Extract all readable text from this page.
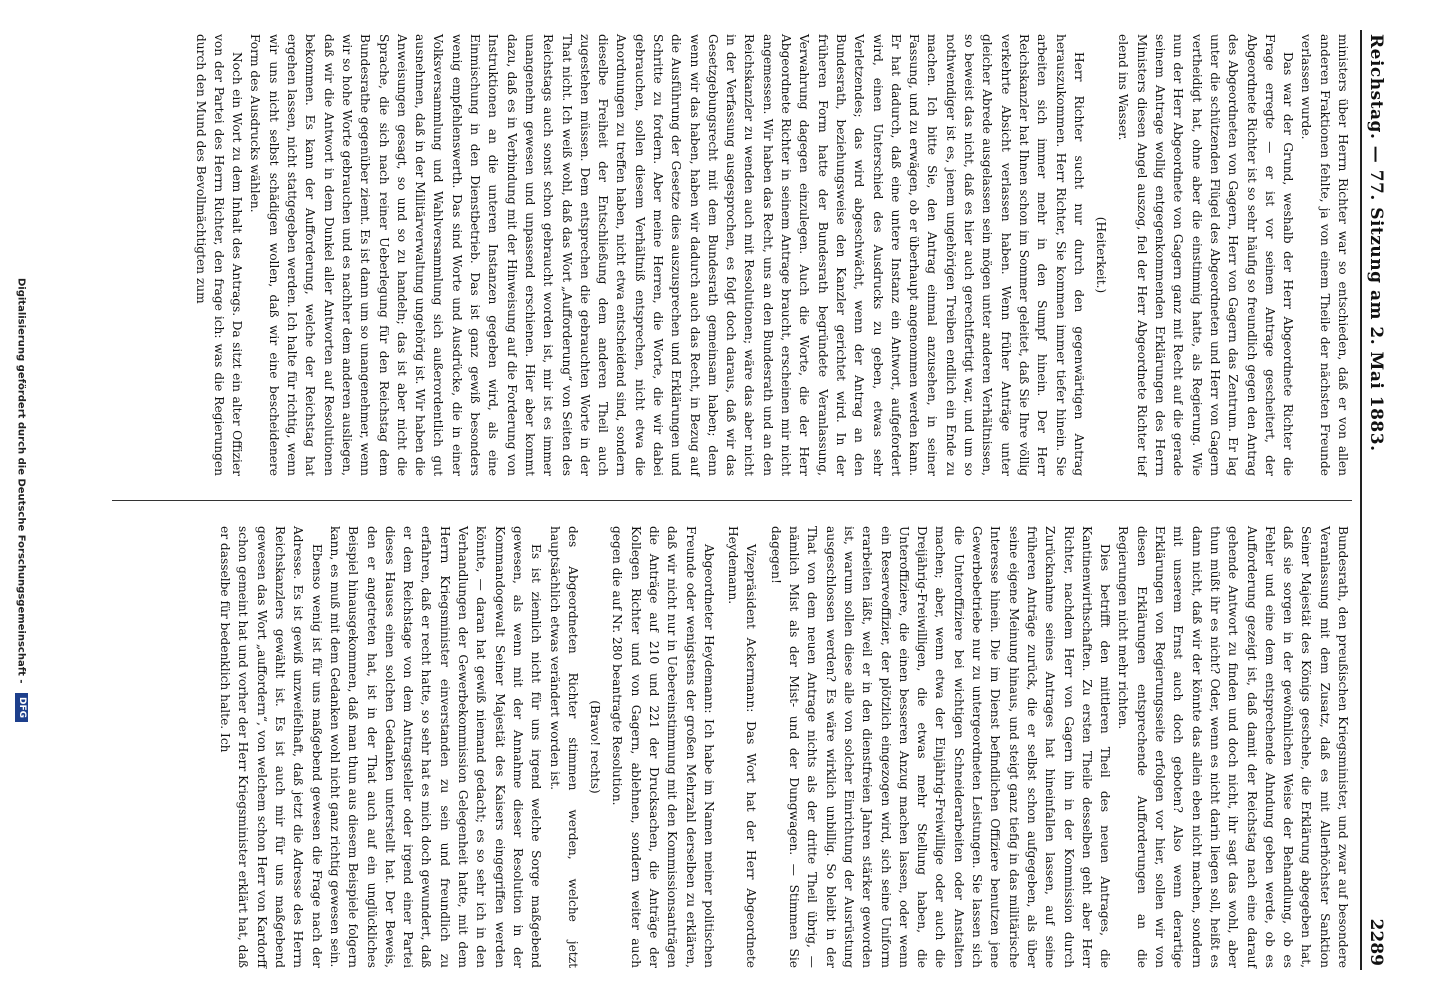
Reichstag. — 77. Sitzung am 2. Mai 1883.
2289

ministers über Herrn Richter war so entschieden, daß er von allen anderen Fraktionen fehlte, ja von einem Theile der nächsten Freunde verlassen wurde.

Das war der Grund, weshalb der Herr Abgeordnete Richter die Frage erregte — er ist vor seinem Antrage gescheitert, der Abgeordnete Richter ist so sehr häufig so freundlich gegen den Antrag des Abgeordneten von Gagern, Herr von Gagern das Zentrum. Er lag unter die schützenden Flügel des Abgeordneten und Herr von Gagern vertheidigt hat, ohne aber die einstimmig hatte, als Regierung. Wie nun der Herr Abgeordnete von Gagern ganz mit Recht auf die gerade seinem Antrage wollig entgegenkommenden Erklärungen des Herrn Ministers diesen Angel auszog, fiel der Herr Abgeordnete Richter tief elend ins Wasser.

(Heiterkeit.)

Herr Richter sucht nur durch den gegenwärtigen Antrag herauszukommen. Herr Richter, Sie kommen immer tiefer hinein. Sie arbeiten sich immer mehr in den Sumpf hinein. Der Herr Reichskanzler hat Ihnen schon im Sommer geleitet, daß Sie Ihre völlig verkehrte Absicht verlassen haben. Wenn früher Anträge unter gleicher Abrede ausgelassen sein mögen unter anderen Verhältnissen, so beweist das nicht, daß es hier auch gerechtfertigt war, und um so nothwendiger ist es, jenem ungehörigen Treiben endlich ein Ende zu machen. Ich bitte Sie, den Antrag einmal anzusehen, in seiner Fassung, und zu erwägen, ob er überhaupt angenommen werden kann. Er hat dadurch, daß eine untere Instanz ein Antwort, aufgefordert wird, einen Unterschied des Ausdrucks zu geben, etwas sehr Verletzendes; das wird abgeschwächt, wenn der Antrag an den Bundesrath, beziehungsweise den Kanzler gerichtet wird. In der früheren Form hatte der Bundesrath begründete Veranlassung, Verwahrung dagegen einzulegen. Auch die Worte, die der Herr Abgeordnete Richter in seinem Antrage braucht, erscheinen mir nicht angemessen. Wir haben das Recht, uns an den Bundesrath und an den Reichskanzler zu wenden auch mit Resolutionen; wäre das aber nicht in der Verfassung ausgesprochen, es folgt doch daraus, daß wir das Gesetzgebungsrecht mit dem Bundesrath gemeinsam haben; denn wenn wir das haben, haben wir dadurch auch das Recht, in Bezug auf die Ausführung der Gesetze dies auszusprechen und Erklärungen und Schritte zu fordern. Aber meine Herren, die Worte, die wir dabei gebrauchen, sollen diesem Verhältniß entsprechen, nicht etwa die Anordnungen zu treffen haben, nicht etwa entscheidend sind, sondern dieselbe Freiheit der Entschließung dem anderen Theil auch zugestehen müssen. Dem entsprechen die gebrauchten Worte in der That nicht. Ich weiß wohl, daß das Wort „Aufforderung“ von Seiten des Reichstags auch sonst schon gebraucht worden ist, mir ist es immer unangenehm gewesen und unpassend erschienen. Hier aber kommt dazu, daß es in Verbindung mit der Hinweisung auf die Forderung von Instruktionen an die unteren Instanzen gegeben wird, als eine Einmischung in den Dienstbetrieb. Das ist ganz gewiß besonders wenig empfehlenswerth. Das sind Worte und Ausdrücke, die in einer Volksversammlung und Wahlversammlung sich außerordentlich gut ausnehmen, daß in der Militärverwaltung ungehörig ist. Wir haben die Anweisungen gesagt, so und so zu handeln; das ist aber nicht die Sprache, die sich nach reiner Ueberlegung für den Reichstag dem Bundesrathe gegenüber ziemt. Es ist dann um so unangenehmer, wenn wir so hohe Worte gebrauchen und es nachher dem anderen ausliegen, daß wir die Antwort in dem Dunkel aller Antworten auf Resolutionen bekommen. Es kann der Aufforderung, welche der Reichstag hat ergehen lassen, nicht stattgegeben werden. Ich halte für richtig, wenn wir uns nicht selbst schädigen wollen, daß wir eine bescheidenere Form des Ausdrucks wählen.

Noch ein Wort zu dem Inhalt des Antrags. Da sitzt ein alter Offizier von der Partei des Herrn Richter, den frage ich: was die Regierungen durch den Mund des Bevollmächtigten zum

Bundesrath, den preußischen Kriegsminister, und zwar auf besondere Veranlassung mit dem Zusatz, daß es mit Allerhöchster Sanktion Seiner Majestät des Königs geschehe, die Erklärung abgegeben hat, daß sie sorgen in der gewöhnlichen Weise der Behandlung, ob es Fehler und eine dem entsprechende Ahndung geben werde, ob es Aufforderung gezeigt ist, daß damit der Reichstag nach eine darauf gehende Antwort zu finden und doch nicht, ihr sagt das wohl, aber thun müßt ihr es nicht? Oder, wenn es nicht darin liegen soll, heißt es dann nicht, daß wir der könnte das allein eben nicht machen, sondern mit unserem Ernst auch doch geboten? Also wenn derartige Erklärungen von Regierungsseite erfolgen vor hier, sollen wir von diesen Erklärungen entsprechende Aufforderungen an die Regierungen nicht mehr richten.

Dies betrifft den mittleren Theil des neuen Antrages, die Kantinenwirthschaften. Zu ersten Theile desselben geht aber Herr Richter, nachdem Herr von Gagern ihn in der Kommission durch Zurücknahme seines Antrages hat hineinfallen lassen, auf seine früheren Anträge zurück, die er selbst schon aufgegeben, als über seine eigene Meinung hinaus, und steigt ganz tiefig in das militärische Interesse hinein. Die im Dienst befindlichen Offiziere benutzen jene Gewerbebetriebe nur zu untergeordneten Leistungen. Sie lassen sich die Unteroffiziere bei wichtigen Schneiderarbeiten oder Anstalten machen; aber, wenn etwa der Einjährig-Freiwillige oder auch die Dreijährig-Freiwilligen, die etwas mehr Stellung haben, die Unteroffiziere, die einen besseren Anzug machen lassen, oder wenn ein Reserveoffizier, der plötzlich eingezogen wird, sich seine Uniform erarbeiten läßt, weil er in den dienstfreien Jahren stärker geworden ist, warum sollen diese alle von solcher Einrichtung der Ausrüstung ausgeschlossen werden? Es wäre wirklich unbillig. So bleibt in der That von dem neuen Antrage nichts als der dritte Theil übrig, — nämlich Mist als der Mist- und der Dungwagen. — Stimmen Sie dagegen!

Vizepräsident Ackermann: Das Wort hat der Herr Abgeordnete Heydemann.

Abgeordneter Heydemann: Ich habe im Namen meiner politischen Freunde oder wenigstens der großen Mehrzahl derselben zu erklären, daß wir nicht nur in Uebereinstimmung mit den Kommissionsanträgen die Anträge auf 210 und 221 der Drucksachen, die Anträge der Kollegen Richter und von Gagern, ablehnen, sondern weiter auch gegen die auf Nr. 280 beantragte Resolution.

(Bravo! rechts)

des Abgeordneten Richter stimmen werden, welche jetzt hauptsächlich etwas verändert worden ist.

Es ist ziemlich nicht für uns irgend welche Sorge maßgebend gewesen, als wenn mit der Annahme dieser Resolution in der Kommandogewalt Seiner Majestät des Kaisers eingegriffen werden könnte, — daran hat gewiß niemand gedacht; es so sehr ich in den Verhandlungen der Gewerbekommission Gelegenheit hatte, mit dem Herrn Kriegsminister einverstanden zu sein und freundlich zu erfahren, daß er recht hatte, so sehr hat es mich doch gewundert, daß er dem Reichstage von dem Antragsteller oder irgend einer Partei dieses Hauses einen solchen Gedanken unterstellt hat. Der Beweis, den er angetreten hat, ist in der That auch auf ein unglückliches Beispiel hinausgekommen, daß man thun aus diesem Beispiele folgern kann, es muß mit dem Gedanken wohl nicht ganz richtig gewesen sein.

Ebenso wenig ist für uns maßgebend gewesen die Frage nach der Adresse. Es ist gewiß unzweifelhaft, daß jetzt die Adresse des Herrn Reichskanzlers gewählt ist. Es ist auch mir für uns maßgebend gewesen das Wort „auffordern“, von welchem schon Herr von Kardorff schon gemeint hat und vorher der Herr Kriegsminister erklärt hat, daß er dasselbe für bedenklich halte. Ich

Digitalisierung gefördert durch die Deutsche Forschungsgemeinschaft - DFG
